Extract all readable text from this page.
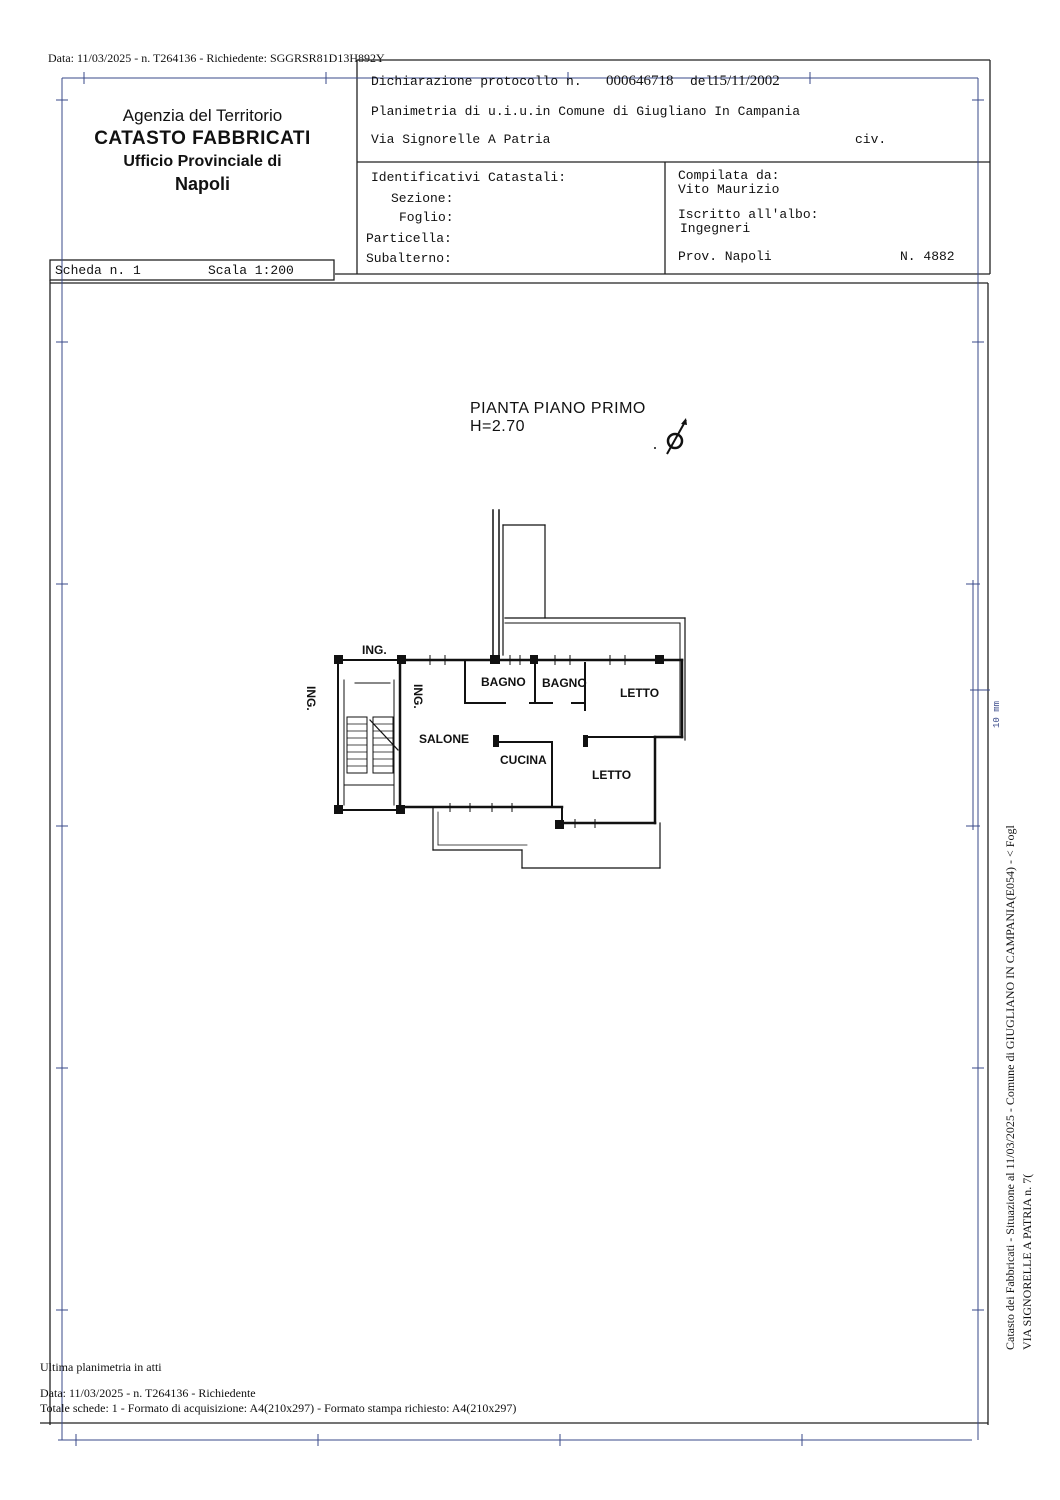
Data: 11/03/2025 - n. T264136 - Richiedente: SGGRSR81D13H892Y
Agenzia del Territorio
CATASTO FABBRICATI
Ufficio Provinciale di
Napoli
Dichiarazione protocollo n. 000646718 del
15/11/2002
Planimetria di u.i.u.in Comune di Giugliano In Campania
Via Signorelle A Patria	civ.
Identificativi Catastali:
Sezione:
Foglio:
Particella:
Subalterno:
Compilata da:
Vito Maurizio
Iscritto all'albo:
Ingegneri
Prov. Napoli	N. 4882
Scheda n. 1	Scala 1:200
PIANTA PIANO PRIMO
H=2.70
ING.
ING.	ING.
BAGNO BAGNO
LETTO
SALONE
CUCINA
LETTO
10 mm
Catasto dei Fabbricati - Situazione al 11/03/2025 - Comune di GIUGLIANO IN CAMPANIA(E054) - < Fogl VIA SIGNORELLE A PATRIA n. 7(
Ultima planimetria in atti
Data: 11/03/2025 - n. T264136 - Richiedente
Totale schede: 1 - Formato di acquisizione: A4(210x297) - Formato stampa richiesto: A4(210x297)
